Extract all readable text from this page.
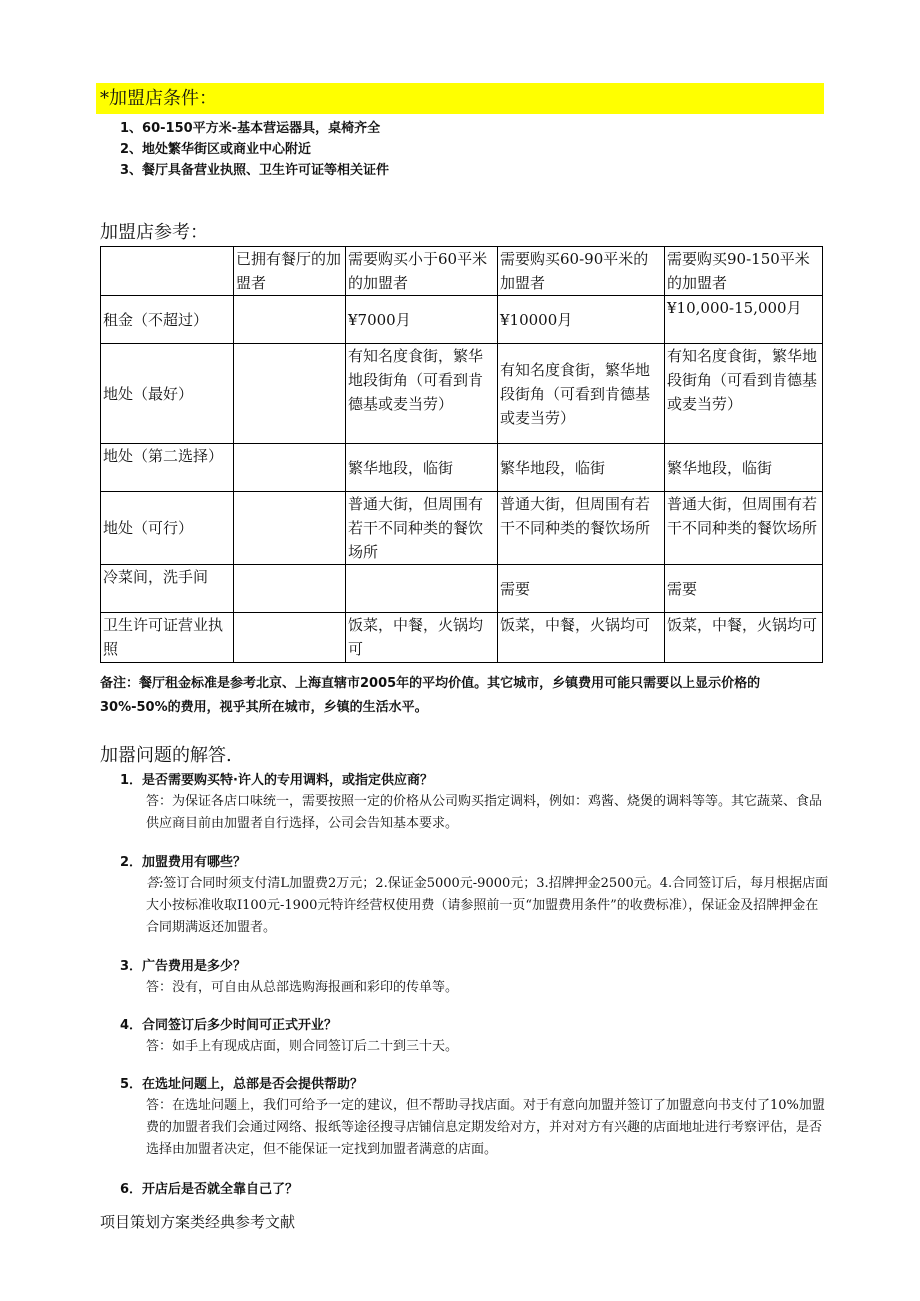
*加盟店条件：
1、60-150平方米-基本营运器具，桌椅齐全
2、地处繁华街区或商业中心附近
3、餐厅具备营业执照、卫生许可证等相关证件
加盟店参考：
	已拥有餐厅的加盟者	需要购买小于60平米的加盟者	需要购买60-90平米的加盟者	需要购买90-150平米的加盟者
租金（不超过）		¥7000月	¥10000月	¥10,000-15,000月
地处（最好）		有知名度食街，繁华地段街角（可看到肯德基或麦当劳）	有知名度食街，繁华地段街角（可看到肯德基或麦当劳）	有知名度食街，繁华地段街角（可看到肯德基或麦当劳）
地处（第二选择）		繁华地段，临街	繁华地段，临街	繁华地段，临街
地处（可行）		普通大街，但周围有若干不同种类的餐饮场所	普通大街，但周围有若干不同种类的餐饮场所	普通大街，但周围有若干不同种类的餐饮场所
冷菜间，洗手间			需要	需要
卫生许可证营业执照		饭菜，中餐，火锅均可	饭菜，中餐，火锅均可	饭菜，中餐，火锅均可
备注：餐厅租金标准是参考北京、上海直辖市2005年的平均价值。其它城市，乡镇费用可能只需要以上显示价格的30%-50%的费用，视乎其所在城市，乡镇的生活水平。
加嚣问题的解答.
1．是否需要购买特·许人的专用调料，或指定供应商？
答：为保证各店口味统一，需要按照一定的价格从公司购买指定调料，例如：鸡酱、烧煲的调料等等。其它蔬菜、食品供应商目前由加盟者自行选择，公司会告知基本要求。
2．加盟费用有哪些？
答:签订合同时须支付清L加盟费2万元；2.保证金5000元-9000元；3.招牌押金2500元。4.合同签订后，每月根据店面大小按标准收取I100元-1900元特许经营权使用费（请参照前一页“加盟费用条件”的收费标准），保证金及招牌押金在合同期满返还加盟者。
3．广告费用是多少？
答：没有，可自由从总部选购海报画和彩印的传单等。
4．合同签订后多少时间可正式开业？
答：如手上有现成店面，则合同签订后二十到三十天。
5．在选址问题上，总部是否会提供帮助？
答：在选址问题上，我们可给予一定的建议，但不帮助寻找店面。对于有意向加盟并签订了加盟意向书支付了10%加盟费的加盟者我们会通过网络、报纸等途径搜寻店铺信息定期发给对方，并对对方有兴趣的店面地址进行考察评估，是否选择由加盟者决定，但不能保证一定找到加盟者满意的店面。
6．开店后是否就全靠自己了？
项目策划方案类经典参考文献
